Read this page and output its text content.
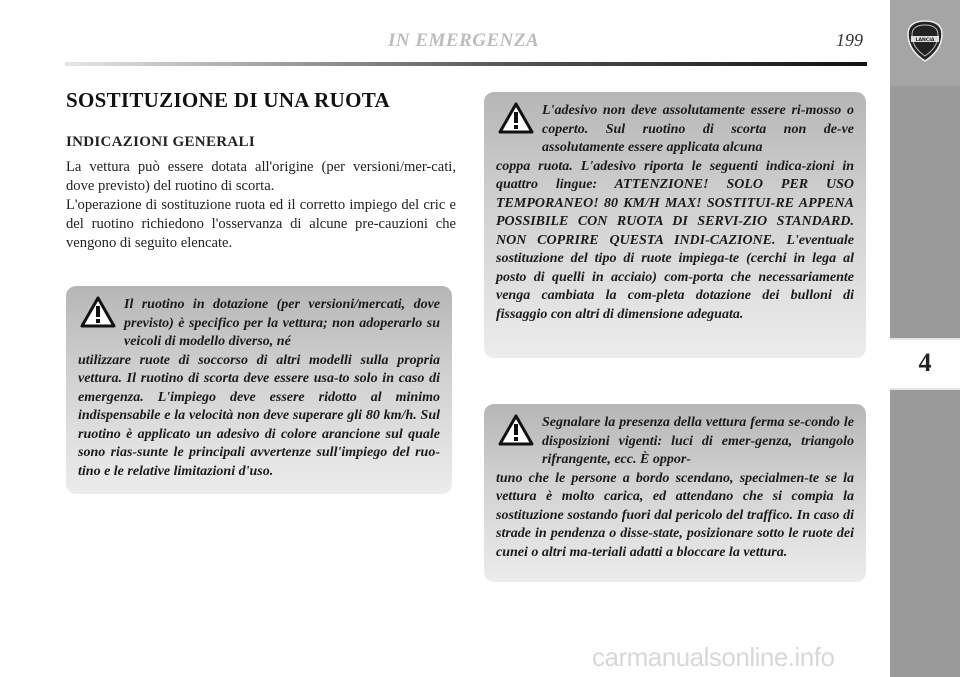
IN EMERGENZA	199	LANCIA
4
SOSTITUZIONE DI UNA RUOTA
INDICAZIONI GENERALI

La vettura può essere dotata all'origine (per versioni/mer-cati, dove previsto) del ruotino di scorta.

L'operazione di sostituzione ruota ed il corretto impiego del cric e del ruotino richiedono l'osservanza di alcune pre-cauzioni che vengono di seguito elencate.

Il ruotino in dotazione (per versioni/mercati, dove previsto) è specifico per la vettura; non adoperarlo su veicoli di modello diverso, né
utilizzare ruote di soccorso di altri modelli sulla propria vettura. Il ruotino di scorta deve essere usa-to solo in caso di emergenza. L'impiego deve essere ridotto al minimo indispensabile e la velocità non deve superare gli 80 km/h. Sul ruotino è applicato un adesivo di colore arancione sul quale sono rias-sunte le principali avvertenze sull'impiego del ruo-tino e le relative limitazioni d'uso.
L'adesivo non deve assolutamente essere ri-mosso o coperto. Sul ruotino di scorta non de-ve assolutamente essere applicata alcuna
coppa ruota. L'adesivo riporta le seguenti indica-zioni in quattro lingue: ATTENZIONE! SOLO PER USO TEMPORANEO! 80 KM/H MAX! SOSTITUI-RE APPENA POSSIBILE CON RUOTA DI SERVI-ZIO STANDARD. NON COPRIRE QUESTA INDI-CAZIONE. L'eventuale sostituzione del tipo di ruote impiega-te (cerchi in lega al posto di quelli in acciaio) com-porta che necessariamente venga cambiata la com-pleta dotazione dei bulloni di fissaggio con altri di dimensione adeguata.
Segnalare la presenza della vettura ferma se-condo le disposizioni vigenti: luci di emer-genza, triangolo rifrangente, ecc. È oppor-
tuno che le persone a bordo scendano, specialmen-te se la vettura è molto carica, ed attendano che si compia la sostituzione sostando fuori dal pericolo del traffico. In caso di strade in pendenza o disse-state, posizionare sotto le ruote dei cunei o altri ma-teriali adatti a bloccare la vettura.
carmanualsonline.info
